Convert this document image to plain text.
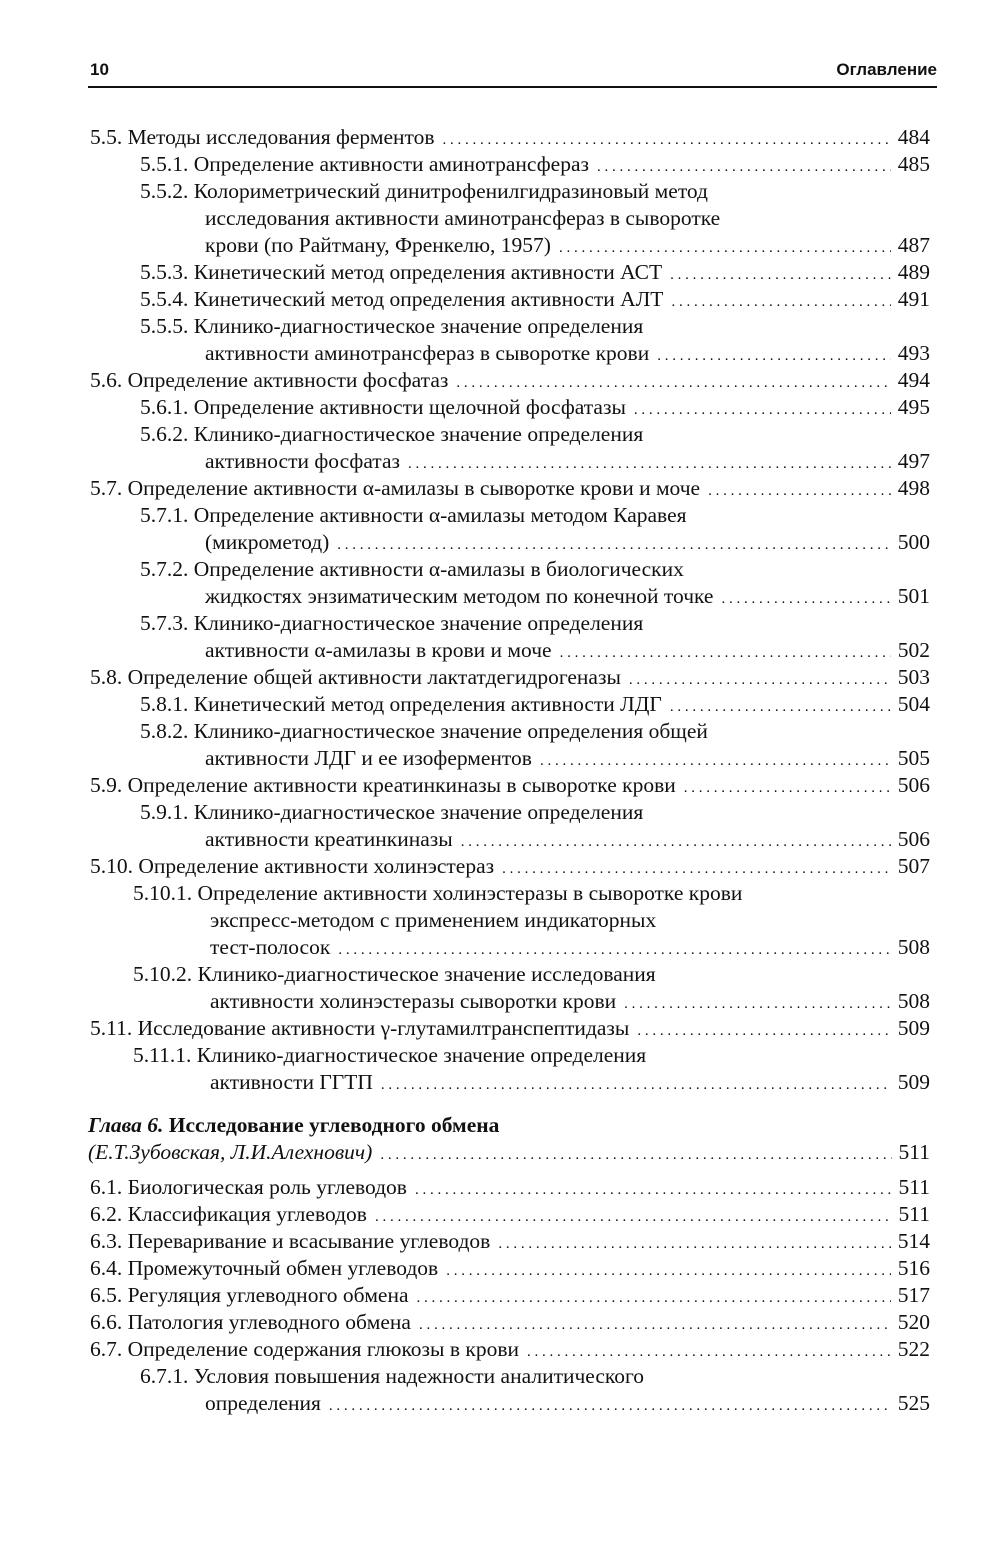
10	Оглавление
5.5. Методы исследования ферментов . . .	484
5.5.1. Определение активности аминотрансфераз . . .	485
5.5.2. Колориметрический динитрофенилгидразиновый метод
исследования активности аминотрансфераз в сыворотке
крови (по Райтману, Френкелю, 1957) . . .	487
5.5.3. Кинетический метод определения активности АСТ . . .	489
5.5.4. Кинетический метод определения активности АЛТ . . .	491
5.5.5. Клинико-диагностическое значение определения
активности аминотрансфераз в сыворотке крови . . .	493
5.6. Определение активности фосфатаз . . .	494
5.6.1. Определение активности щелочной фосфатазы . . .	495
5.6.2. Клинико-диагностическое значение определения
активности фосфатаз . . .	497
5.7. Определение активности α-амилазы в сыворотке крови и моче . . .	498
5.7.1. Определение активности α-амилазы методом Каравея
(микрометод) . . .	500
5.7.2. Определение активности α-амилазы в биологических
жидкостях энзиматическим методом по конечной точке . . .	501
5.7.3. Клинико-диагностическое значение определения
активности α-амилазы в крови и моче . . .	502
5.8. Определение общей активности лактатдегидрогеназы . . .	503
5.8.1. Кинетический метод определения активности ЛДГ . . .	504
5.8.2. Клинико-диагностическое значение определения общей
активности ЛДГ и ее изоферментов . . .	505
5.9. Определение активности креатинкиназы в сыворотке крови . . .	506
5.9.1. Клинико-диагностическое значение определения
активности креатинкиназы . . .	506
5.10. Определение активности холинэстераз . . .	507
5.10.1. Определение активности холинэстеразы в сыворотке крови
экспресс-методом с применением индикаторных
тест-полосок . . .	508
5.10.2. Клинико-диагностическое значение исследования
активности холинэстеразы сыворотки крови . . .	508
5.11. Исследование активности γ-глутамилтранспептидазы . . .	509
5.11.1. Клинико-диагностическое значение определения
активности ГГТП . . .	509
Глава 6. Исследование углеводного обмена
(Е.Т.Зубовская, Л.И.Алехнович) . . .	511
6.1. Биологическая роль углеводов . . .	511
6.2. Классификация углеводов . . .	511
6.3. Переваривание и всасывание углеводов . . .	514
6.4. Промежуточный обмен углеводов . . .	516
6.5. Регуляция углеводного обмена . . .	517
6.6. Патология углеводного обмена . . .	520
6.7. Определение содержания глюкозы в крови . . .	522
6.7.1. Условия повышения надежности аналитического
определения . . .	525
